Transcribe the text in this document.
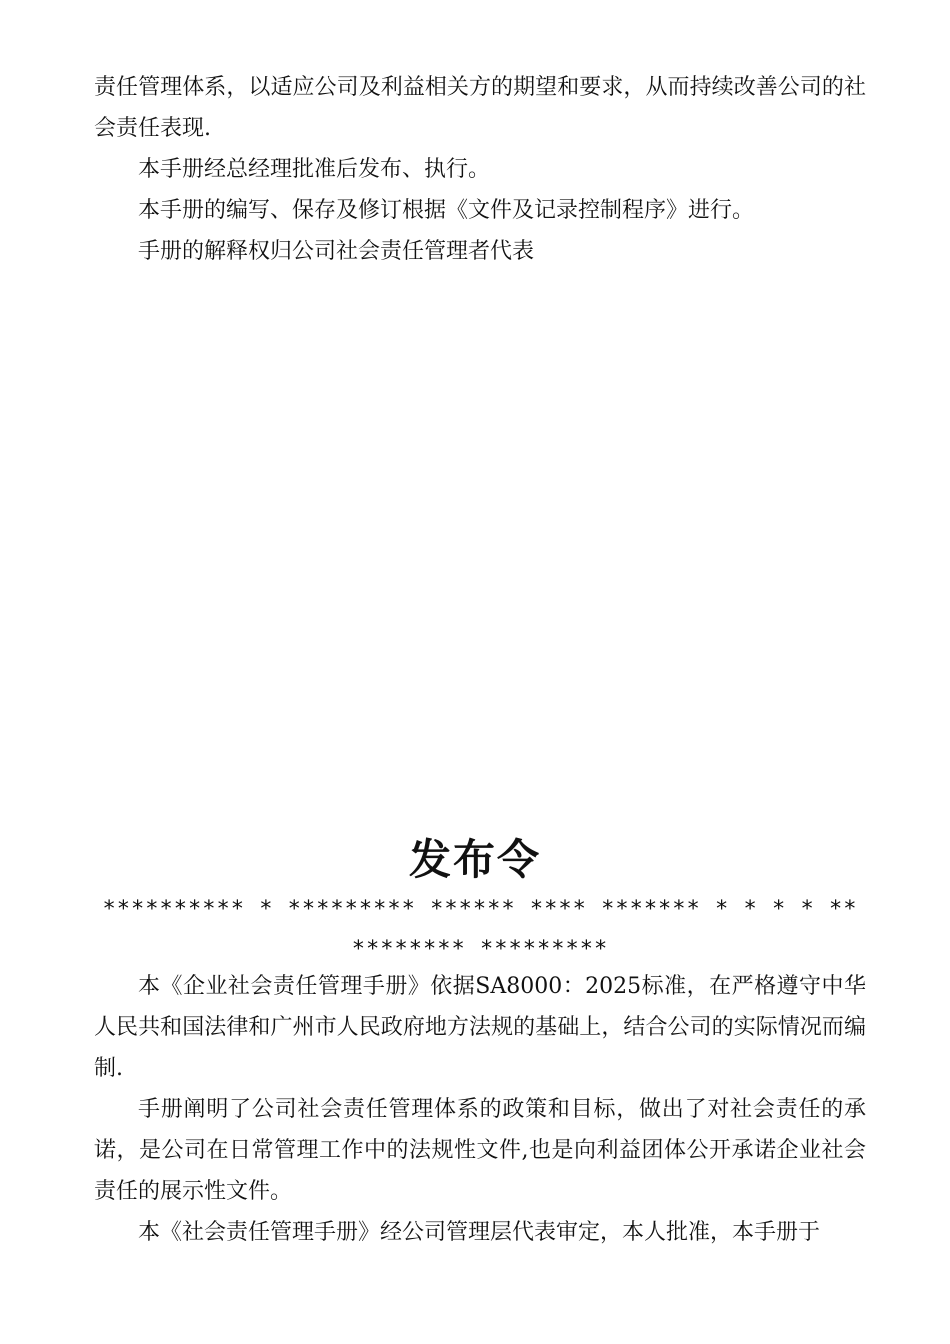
责任管理体系，以适应公司及利益相关方的期望和要求，从而持续改善公司的社会责任表现.

本手册经总经理批准后发布、执行。

本手册的编写、保存及修订根据《文件及记录控制程序》进行。

手册的解释权归公司社会责任管理者代表

发布令
********** * ********* ****** **** ******* * * * * **
******** *********

本《企业社会责任管理手册》依据SA8000：2025标准，在严格遵守中华人民共和国法律和广州市人民政府地方法规的基础上，结合公司的实际情况而编制.

手册阐明了公司社会责任管理体系的政策和目标，做出了对社会责任的承诺，是公司在日常管理工作中的法规性文件,也是向利益团体公开承诺企业社会责任的展示性文件。

本《社会责任管理手册》经公司管理层代表审定，本人批准，本手册于
